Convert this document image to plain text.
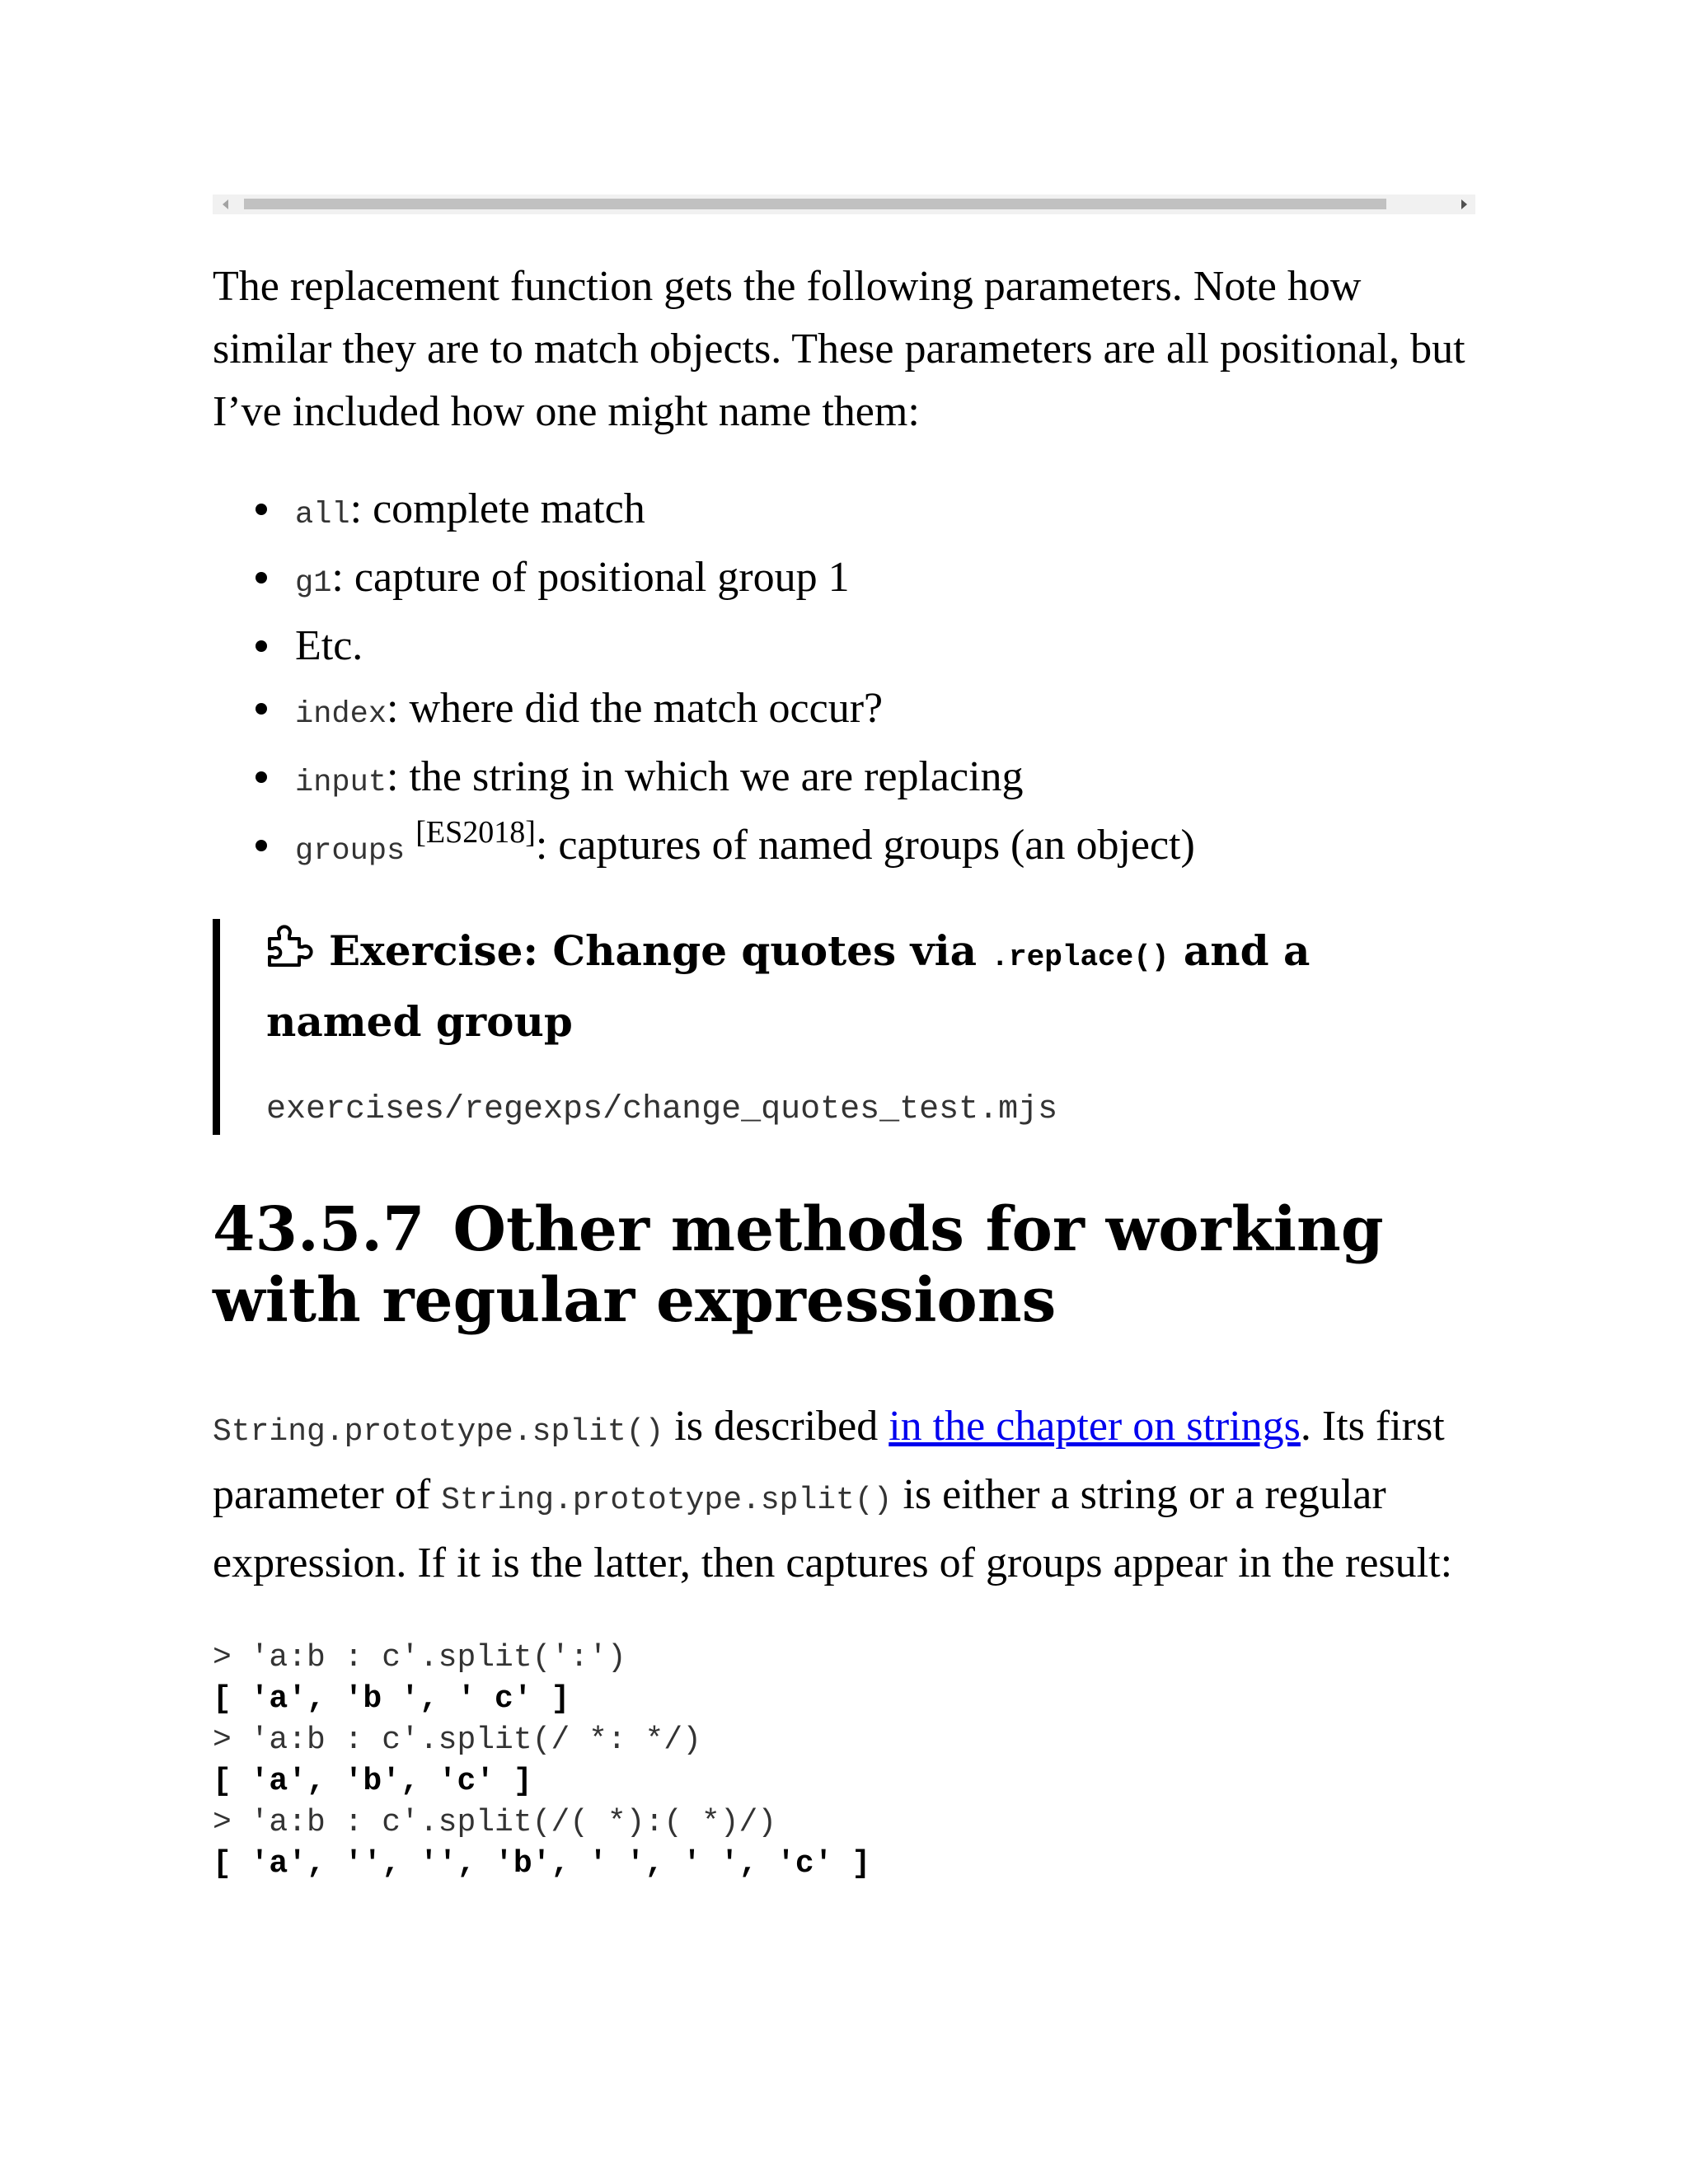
The replacement function gets the following parameters. Note how similar they are to match objects. These parameters are all positional, but I’ve included how one might name them:

all: complete match
g1: capture of positional group 1
Etc.
index: where did the match occur?
input: the string in which we are replacing
groups [ES2018]: captures of named groups (an object)

Exercise: Change quotes via .replace() and a named group

exercises/regexps/change_quotes_test.mjs
43.5.7 Other methods for working with regular expressions

String.prototype.split() is described in the chapter on strings. Its first parameter of String.prototype.split() is either a string or a regular expression. If it is the latter, then captures of groups appear in the result:

> 'a:b : c'.split(':')
[ 'a', 'b ', ' c' ]
> 'a:b : c'.split(/ *: */)
[ 'a', 'b', 'c' ]
> 'a:b : c'.split(/( *):( *)/)
[ 'a', '', '', 'b', ' ', ' ', 'c' ]
